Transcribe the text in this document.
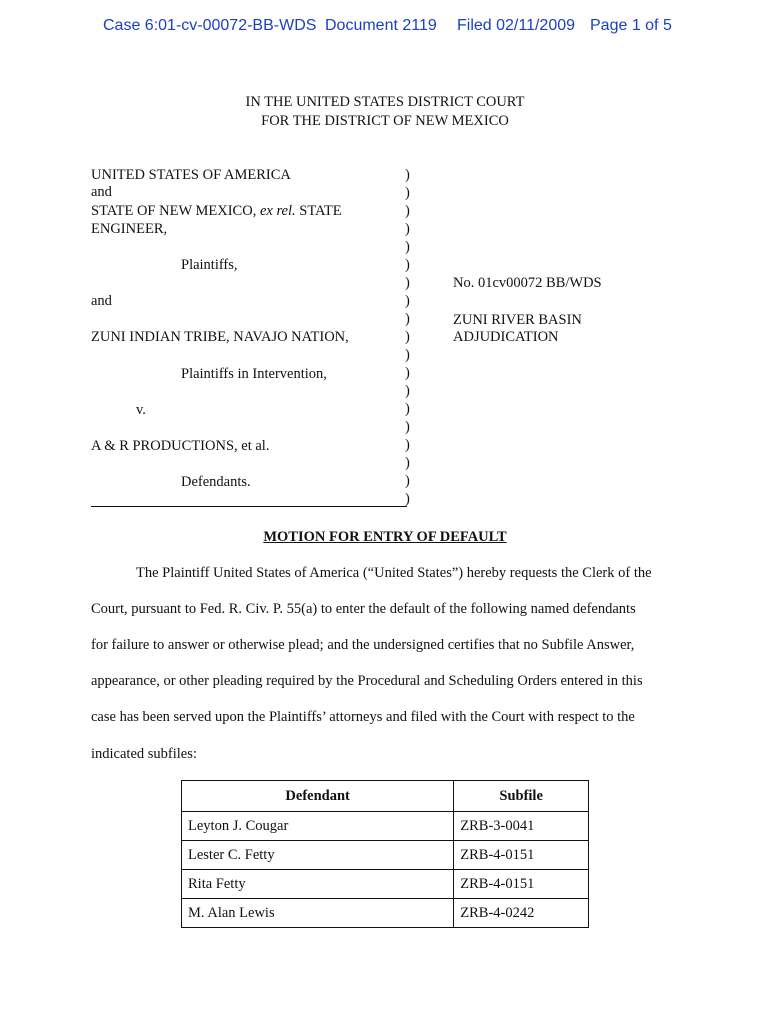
Case 6:01-cv-00072-BB-WDS Document 2119 Filed 02/11/2009 Page 1 of 5
IN THE UNITED STATES DISTRICT COURT
FOR THE DISTRICT OF NEW MEXICO
UNITED STATES OF AMERICA
and
STATE OF NEW MEXICO, ex rel. STATE
ENGINEER,
Plaintiffs,
and
ZUNI INDIAN TRIBE, NAVAJO NATION,
Plaintiffs in Intervention,
v.
A & R PRODUCTIONS, et al.
Defendants.
)
)
)
)
)
)
)
)
)
)
)
)
)
)
)
)
)
)
)
No. 01cv00072 BB/WDS
ZUNI RIVER BASIN
ADJUDICATION
MOTION FOR ENTRY OF DEFAULT
The Plaintiff United States of America (“United States”) hereby requests the Clerk of the
Court, pursuant to Fed. R. Civ. P. 55(a) to enter the default of the following named defendants
for failure to answer or otherwise plead; and the undersigned certifies that no Subfile Answer,
appearance, or other pleading required by the Procedural and Scheduling Orders entered in this
case has been served upon the Plaintiffs’ attorneys and filed with the Court with respect to the
indicated subfiles:
Defendant	Subfile
Leyton J. Cougar	ZRB-3-0041
Lester C. Fetty	ZRB-4-0151
Rita Fetty	ZRB-4-0151
M. Alan Lewis	ZRB-4-0242
